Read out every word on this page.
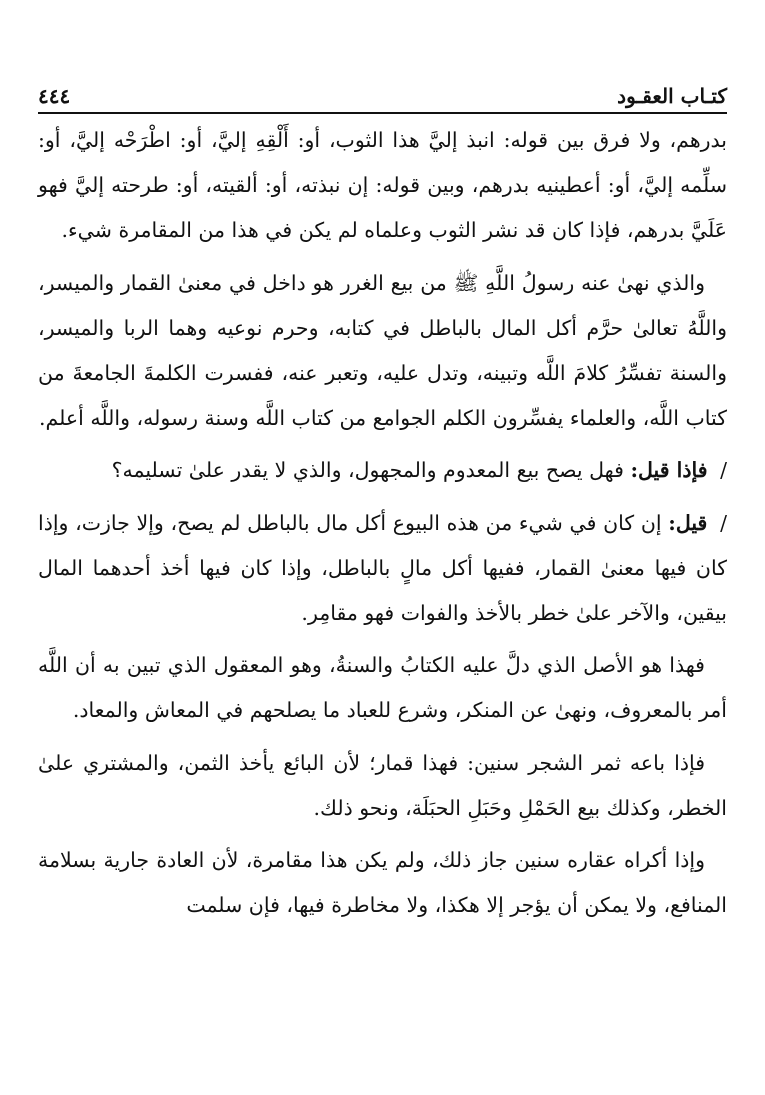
كتـاب العقـود
٤٤٤

بدرهم، ولا فرق بين قوله: انبذ إليَّ هذا الثوب، أو: أَلْقِهِ إليَّ، أو: اطْرَحْه إليَّ، أو: سلِّمه إليَّ، أو: أعطينيه بدرهم، وبين قوله: إن نبذته، أو: ألقيته، أو: طرحته إليَّ فهو عَلَيَّ بدرهم، فإذا كان قد نشر الثوب وعلماه لم يكن في هذا من المقامرة شيء.

والذي نهىٰ عنه رسولُ اللَّهِ ﷺ من بيع الغرر هو داخل في معنىٰ القمار والميسر، واللَّهُ تعالىٰ حرَّم أكل المال بالباطل في كتابه، وحرم نوعيه وهما الربا والميسر، والسنة تفسِّرُ كلامَ اللَّه وتبينه، وتدل عليه، وتعبر عنه، ففسرت الكلمةَ الجامعةَ من كتاب اللَّه، والعلماء يفسِّرون الكلم الجوامع من كتاب اللَّه وسنة رسوله، واللَّه أعلم.

/ فإذا قيل: فهل يصح بيع المعدوم والمجهول، والذي لا يقدر علىٰ تسليمه؟

/ قيل: إن كان في شيء من هذه البيوع أكل مال بالباطل لم يصح، وإلا جازت، وإذا كان فيها معنىٰ القمار، ففيها أكل مالٍ بالباطل، وإذا كان فيها أخذ أحدهما المال بيقين، والآخر علىٰ خطر بالأخذ والفوات فهو مقامِر.

فهذا هو الأصل الذي دلَّ عليه الكتابُ والسنةُ، وهو المعقول الذي تبين به أن اللَّه أمر بالمعروف، ونهىٰ عن المنكر، وشرع للعباد ما يصلحهم في المعاش والمعاد.

فإذا باعه ثمر الشجر سنين: فهذا قمار؛ لأن البائع يأخذ الثمن، والمشتري علىٰ الخطر، وكذلك بيع الحَمْلِ وحَبَلِ الحبَلَة، ونحو ذلك.

وإذا أكراه عقاره سنين جاز ذلك، ولم يكن هذا مقامرة، لأن العادة جارية بسلامة المنافع، ولا يمكن أن يؤجر إلا هكذا، ولا مخاطرة فيها، فإن سلمت
